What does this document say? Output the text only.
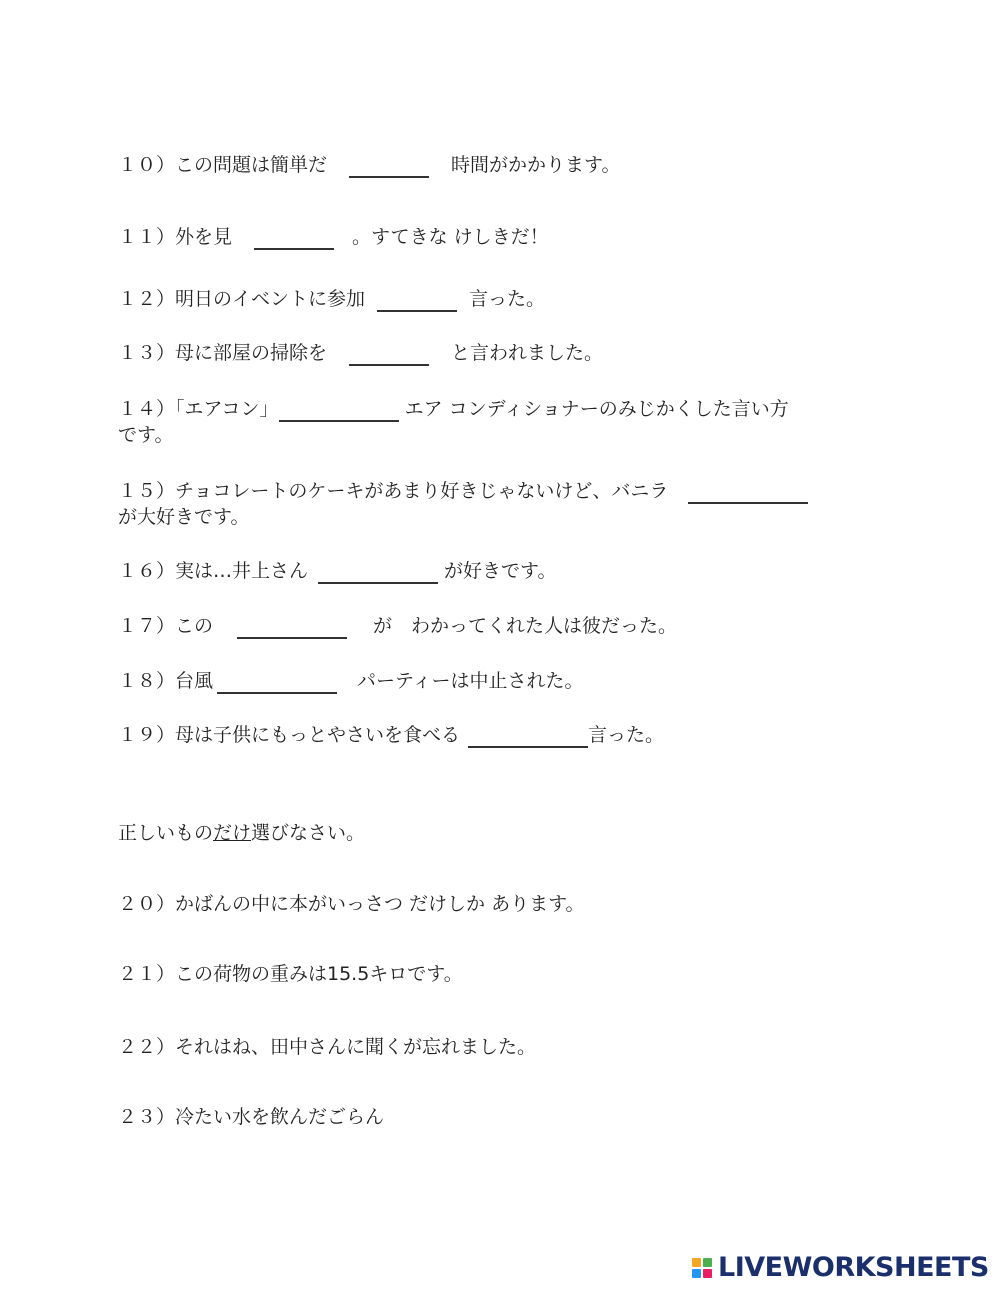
１０）この問題は簡単だ	時間がかかります。
１１）外を見	。すてきな けしきだ！
１２）明日のイベントに参加	言った。
１３）母に部屋の掃除を	と言われました。
１４）「エアコン」	エア コンディショナーのみじかくした言い方
です。
１５）チョコレートのケーキがあまり好きじゃないけど、バニラ
が大好きです。
１６）実は…井上さん	が好きです。
１７）この	が　わかってくれた人は彼だった。
１８）台風	パーティーは中止された。
１９）母は子供にもっとやさいを食べる	言った。
正しいものだけ選びなさい。
２０）かばんの中に本がいっさつ だけしか あります。
２１）この荷物の重みは15.5キロです。
２２）それはね、田中さんに聞くが忘れました。
２３）冷たい水を飲んだごらん
LIVEWORKSHEETS
